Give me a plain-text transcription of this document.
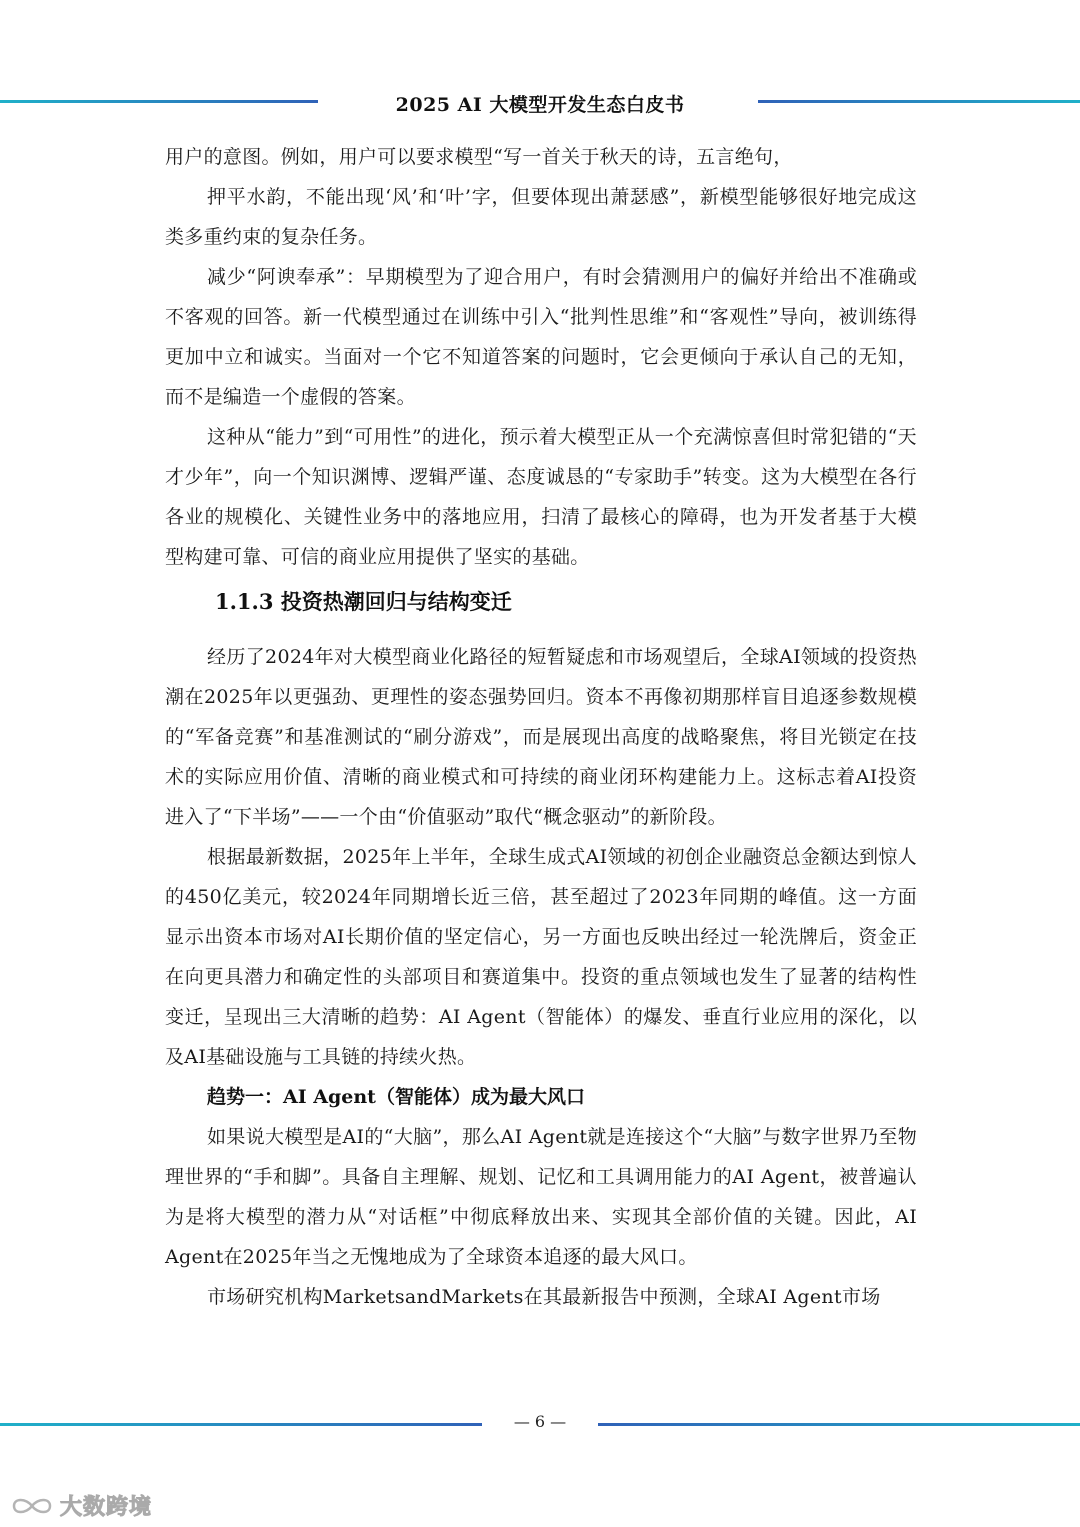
2025 AI 大模型开发生态白皮书

用户的意图。例如，用户可以要求模型“写一首关于秋天的诗，五言绝句，

押平水韵，不能出现‘风’和‘叶’字，但要体现出萧瑟感”，新模型能够很好地完成这类多重约束的复杂任务。

减少“阿谀奉承”：早期模型为了迎合用户，有时会猜测用户的偏好并给出不准确或不客观的回答。新一代模型通过在训练中引入“批判性思维”和“客观性”导向，被训练得更加中立和诚实。当面对一个它不知道答案的问题时，它会更倾向于承认自己的无知，而不是编造一个虚假的答案。

这种从“能力”到“可用性”的进化，预示着大模型正从一个充满惊喜但时常犯错的“天才少年”，向一个知识渊博、逻辑严谨、态度诚恳的“专家助手”转变。这为大模型在各行各业的规模化、关键性业务中的落地应用，扫清了最核心的障碍，也为开发者基于大模型构建可靠、可信的商业应用提供了坚实的基础。

1.1.3 投资热潮回归与结构变迁

经历了2024年对大模型商业化路径的短暂疑虑和市场观望后，全球AI领域的投资热潮在2025年以更强劲、更理性的姿态强势回归。资本不再像初期那样盲目追逐参数规模的“军备竞赛”和基准测试的“刷分游戏”，而是展现出高度的战略聚焦，将目光锁定在技术的实际应用价值、清晰的商业模式和可持续的商业闭环构建能力上。这标志着AI投资进入了“下半场”——一个由“价值驱动”取代“概念驱动”的新阶段。

根据最新数据，2025年上半年，全球生成式AI领域的初创企业融资总金额达到惊人的450亿美元，较2024年同期增长近三倍，甚至超过了2023年同期的峰值。这一方面显示出资本市场对AI长期价值的坚定信心，另一方面也反映出经过一轮洗牌后，资金正在向更具潜力和确定性的头部项目和赛道集中。投资的重点领域也发生了显著的结构性变迁，呈现出三大清晰的趋势：AI Agent（智能体）的爆发、垂直行业应用的深化，以及AI基础设施与工具链的持续火热。

趋势一：AI Agent（智能体）成为最大风口

如果说大模型是AI的“大脑”，那么AI Agent就是连接这个“大脑”与数字世界乃至物理世界的“手和脚”。具备自主理解、规划、记忆和工具调用能力的AI Agent，被普遍认为是将大模型的潜力从“对话框”中彻底释放出来、实现其全部价值的关键。因此，AI Agent在2025年当之无愧地成为了全球资本追逐的最大风口。

市场研究机构MarketsandMarkets在其最新报告中预测，全球AI Agent市场

— 6 —
大数跨境
